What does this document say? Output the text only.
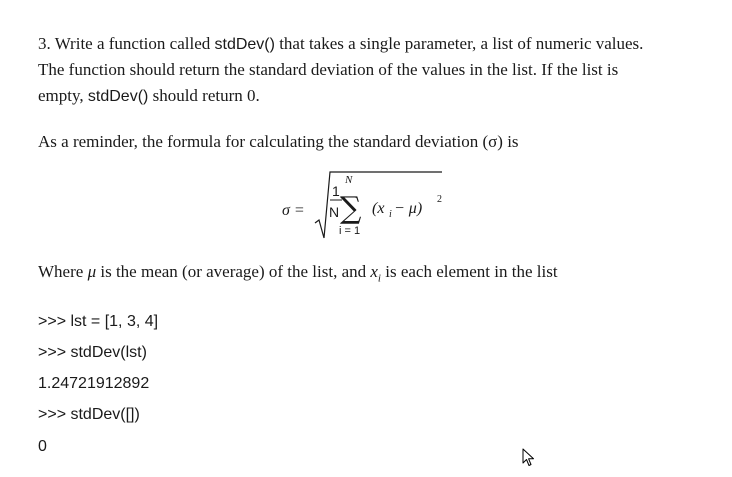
3. Write a function called stdDev() that takes a single parameter, a list of numeric values.
The function should return the standard deviation of the values in the list. If the list is
empty, stdDev() should return 0.
As a reminder, the formula for calculating the standard deviation (σ) is
σ =
1
N
N
∑
i = 1
(x i − μ)
2
Where μ is the mean (or average) of the list, and $x_i$ is each element in the list
>>> lst = [1, 3, 4]
>>> stdDev(lst)
1.24721912892
>>> stdDev([])
0
